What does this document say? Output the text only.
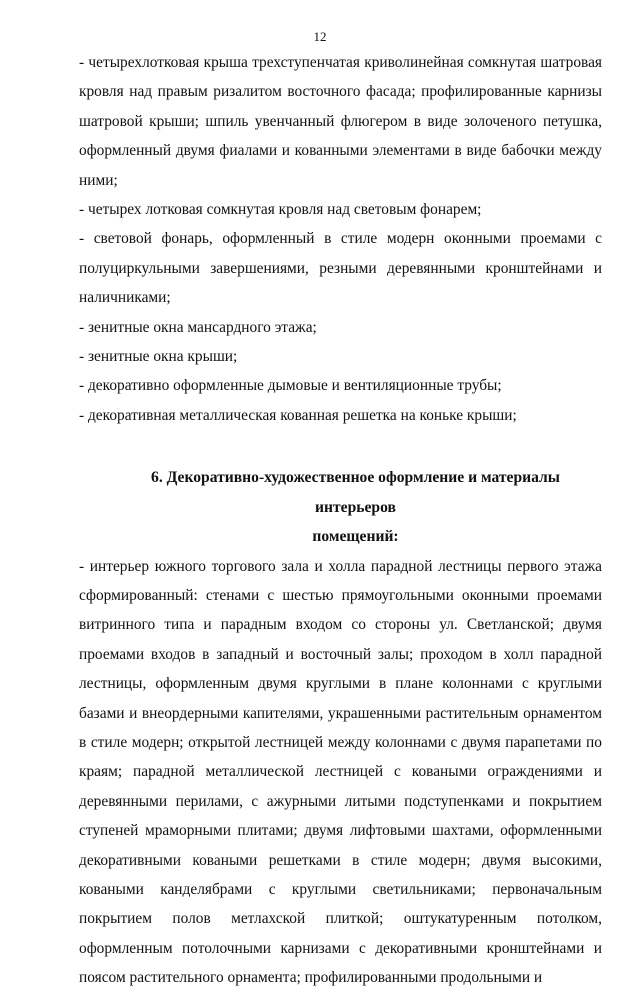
12

- четырехлотковая крыша трехступенчатая криволинейная сомкнутая шатровая кровля над правым ризалитом восточного фасада; профилированные карнизы шатровой крыши; шпиль увенчанный флюгером в виде золоченого петушка, оформленный двумя фиалами и кованными элементами в виде бабочки между ними;

- четырех лотковая сомкнутая кровля над световым фонарем;

- световой фонарь, оформленный в стиле модерн оконными проемами с полуциркульными завершениями, резными деревянными кронштейнами и наличниками;

- зенитные окна мансардного этажа;

- зенитные окна крыши;

- декоративно оформленные дымовые и вентиляционные трубы;

- декоративная металлическая кованная решетка на коньке крыши;

6. Декоративно-художественное оформление и материалы интерьеров
помещений:

- интерьер южного торгового зала и холла парадной лестницы первого этажа сформированный: стенами с шестью прямоугольными оконными проемами витринного типа и парадным входом со стороны ул. Светланской; двумя проемами входов в западный и восточный залы; проходом в холл парадной лестницы, оформленным двумя круглыми в плане колоннами с круглыми базами и внеордерными капителями, украшенными растительным орнаментом в стиле модерн; открытой лестницей между колоннами с двумя парапетами по краям; парадной металлической лестницей с коваными ограждениями и деревянными перилами, с ажурными литыми подступенками и покрытием ступеней мраморными плитами; двумя лифтовыми шахтами, оформленными декоративными коваными решетками в стиле модерн; двумя высокими, коваными канделябрами с круглыми светильниками; первоначальным покрытием полов метлахской плиткой; оштукатуренным потолком, оформленным потолочными карнизами с декоративными кронштейнами и поясом растительного орнамента; профилированными продольными и
